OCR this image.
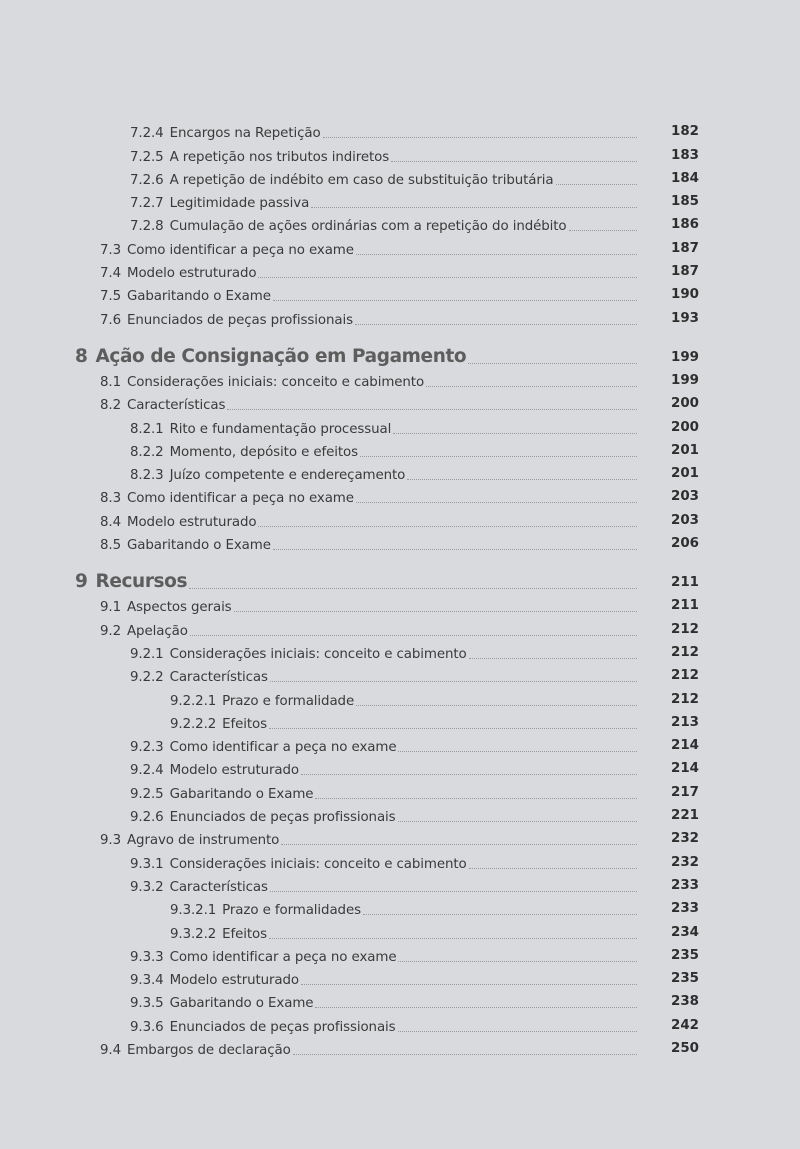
7.2.4 Encargos na Repetição	182
7.2.5 A repetição nos tributos indiretos	183
7.2.6 A repetição de indébito em caso de substituição tributária	184
7.2.7 Legitimidade passiva	185
7.2.8 Cumulação de ações ordinárias com a repetição do indébito	186
7.3 Como identificar a peça no exame	187
7.4 Modelo estruturado	187
7.5 Gabaritando o Exame	190
7.6 Enunciados de peças profissionais	193
8 Ação de Consignação em Pagamento	199
8.1 Considerações iniciais: conceito e cabimento	199
8.2 Características	200
8.2.1 Rito e fundamentação processual	200
8.2.2 Momento, depósito e efeitos	201
8.2.3 Juízo competente e endereçamento	201
8.3 Como identificar a peça no exame	203
8.4 Modelo estruturado	203
8.5 Gabaritando o Exame	206
9 Recursos	211
9.1 Aspectos gerais	211
9.2 Apelação	212
9.2.1 Considerações iniciais: conceito e cabimento	212
9.2.2 Características	212
9.2.2.1 Prazo e formalidade	212
9.2.2.2 Efeitos	213
9.2.3 Como identificar a peça no exame	214
9.2.4 Modelo estruturado	214
9.2.5 Gabaritando o Exame	217
9.2.6 Enunciados de peças profissionais	221
9.3 Agravo de instrumento	232
9.3.1 Considerações iniciais: conceito e cabimento	232
9.3.2 Características	233
9.3.2.1 Prazo e formalidades	233
9.3.2.2 Efeitos	234
9.3.3 Como identificar a peça no exame	235
9.3.4 Modelo estruturado	235
9.3.5 Gabaritando o Exame	238
9.3.6 Enunciados de peças profissionais	242
9.4 Embargos de declaração	250
